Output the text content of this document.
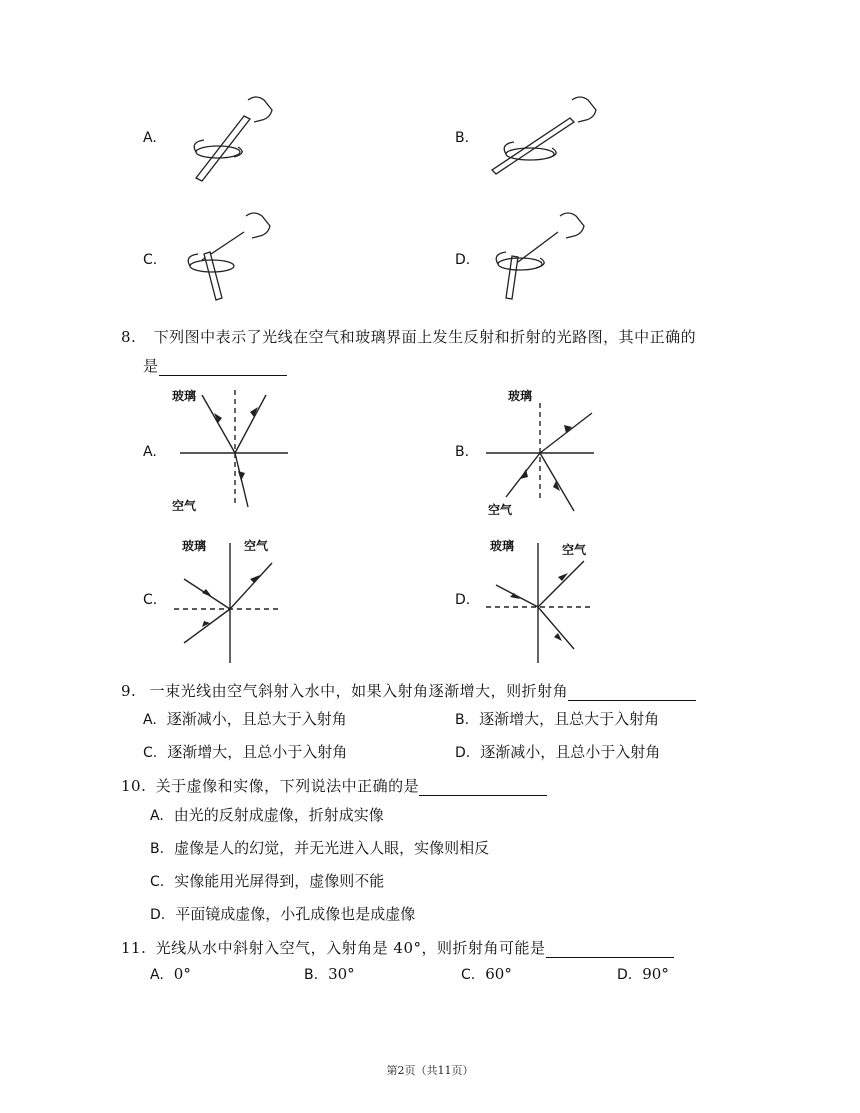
A.	B.
C.	D.
8. 下列图中表示了光线在空气和玻璃界面上发生反射和折射的光路图，其中正确的
是
A.	B.
C.	D.
玻璃
空气
玻璃
空气
玻璃	空气	玻璃	空气
9. 一束光线由空气斜射入水中，如果入射角逐渐增大，则折射角
A. 逐渐减小，且总大于入射角	B. 逐渐增大，且总大于入射角
C. 逐渐增大，且总小于入射角	D. 逐渐减小，且总小于入射角
10. 关于虚像和实像，下列说法中正确的是
A. 由光的反射成虚像，折射成实像
B. 虚像是人的幻觉，并无光进入人眼，实像则相反
C. 实像能用光屏得到，虚像则不能
D. 平面镜成虚像，小孔成像也是成虚像
11. 光线从水中斜射入空气，入射角是 40°，则折射角可能是
A. 0°	B. 30°	C. 60°	D. 90°
第2页（共11页）
